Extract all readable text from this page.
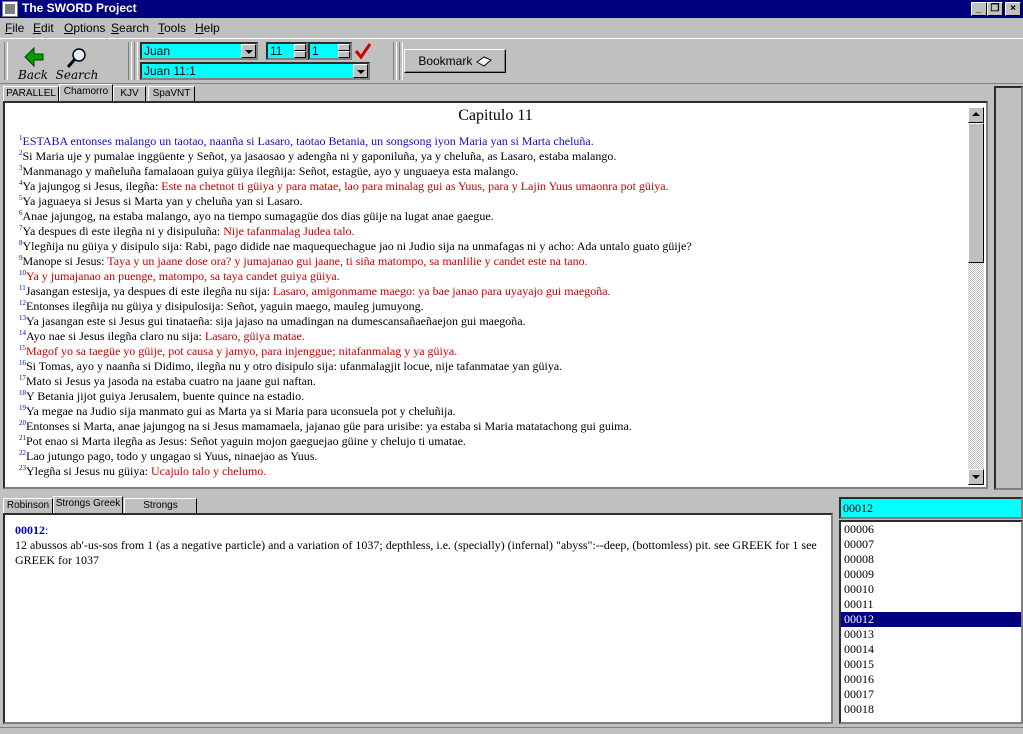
The SWORD Project	_ ❐	×
File Edit Options Search Tools Help
Back Search
Juan	11	1
Juan 11:1
Bookmark
PARALLEL Chamorro	KJV	SpaVNT
Capitulo 11
$^1$ESTABA entonses malango un taotao, naanña si Lasaro, taotao Betania, un songsong iyon Maria yan si Marta cheluña.
$^2$Si Maria uje y pumalae inggüente y Señot, ya jasaosao y adengña ni y gaponiluña, ya y cheluña, as Lasaro, estaba malango.
$^3$Manmanago y mañeluña famalaoan guiya güiya ilegñija: Señot, estagüe, ayo y unguaeya esta malango.
$^4$Ya jajungog si Jesus, ilegña: Este na chetnot ti güiya y para matae, lao para minalag gui as Yuus, para y Lajin Yuus umaonra pot güiya.
$^5$Ya jaguaeya si Jesus si Marta yan y cheluña yan si Lasaro.
$^6$Anae jajungog, na estaba malango, ayo na tiempo sumagagüe dos dias güije na lugat anae gaegue.
$^7$Ya despues di este ilegña ni y disipuluña: Nije tafanmalag Judea talo.
$^8$Ylegñija nu güiya y disipulo sija: Rabi, pago didide nae maquequechague jao ni Judio sija na unmafagas ni y acho: Ada untalo guato güije?
$^9$Manope si Jesus: Taya y un jaane dose ora? y jumajanao gui jaane, ti siña matompo, sa manlilie y candet este na tano.
$^{10}$Ya y jumajanao an puenge, matompo, sa taya candet guiya güiya.
$^{11}$Jasangan estesija, ya despues di este ilegña nu sija: Lasaro, amigonmame maego: ya bae janao para uyayajo gui maegoña.
$^{12}$Entonses ilegñija nu güiya y disipulosija: Señot, yaguin maego, mauleg jumuyong.
$^{13}$Ya jasangan este si Jesus gui tinataeña: sija jajaso na umadingan na dumescansañaeñaejon gui maegoña.
$^{14}$Ayo nae si Jesus ilegña claro nu sija: Lasaro, güiya matae.
$^{15}$Magof yo sa taegüe yo güije, pot causa y jamyo, para injenggue; nitafanmalag y ya güiya.
$^{16}$Si Tomas, ayo y naanña si Didimo, ilegña nu y otro disipulo sija: ufanmalagjit locue, nije tafanmatae yan güiya.
$^{17}$Mato si Jesus ya jasoda na estaba cuatro na jaane gui naftan.
$^{18}$Y Betania jijot guiya Jerusalem, buente quince na estadio.
$^{19}$Ya megae na Judio sija manmato gui as Marta ya si Maria para uconsuela pot y cheluñija.
$^{20}$Entonses si Marta, anae jajungog na si Jesus mamamaela, jajanao güe para urisibe: ya estaba si Maria matatachong gui guima.
$^{21}$Pot enao si Marta ilegña as Jesus: Señot yaguin mojon gaeguejao güine y chelujo ti umatae.
$^{22}$Lao jutungo pago, todo y ungagao si Yuus, ninaejao as Yuus.
$^{23}$Ylegña si Jesus nu güiya: Ucajulo talo y chelumo.
Robinson Strongs Greek	Strongs
00012:
12 abussos ab'-us-sos from 1 (as a negative particle) and a variation of 1037; depthless, i.e. (specially) (infernal) "abyss":--deep, (bottomless) pit. see GREEK for 1 see GREEK for 1037
00012
00006
00007
00008
00009
00010
00011
00012
00013
00014
00015
00016
00017
00018
